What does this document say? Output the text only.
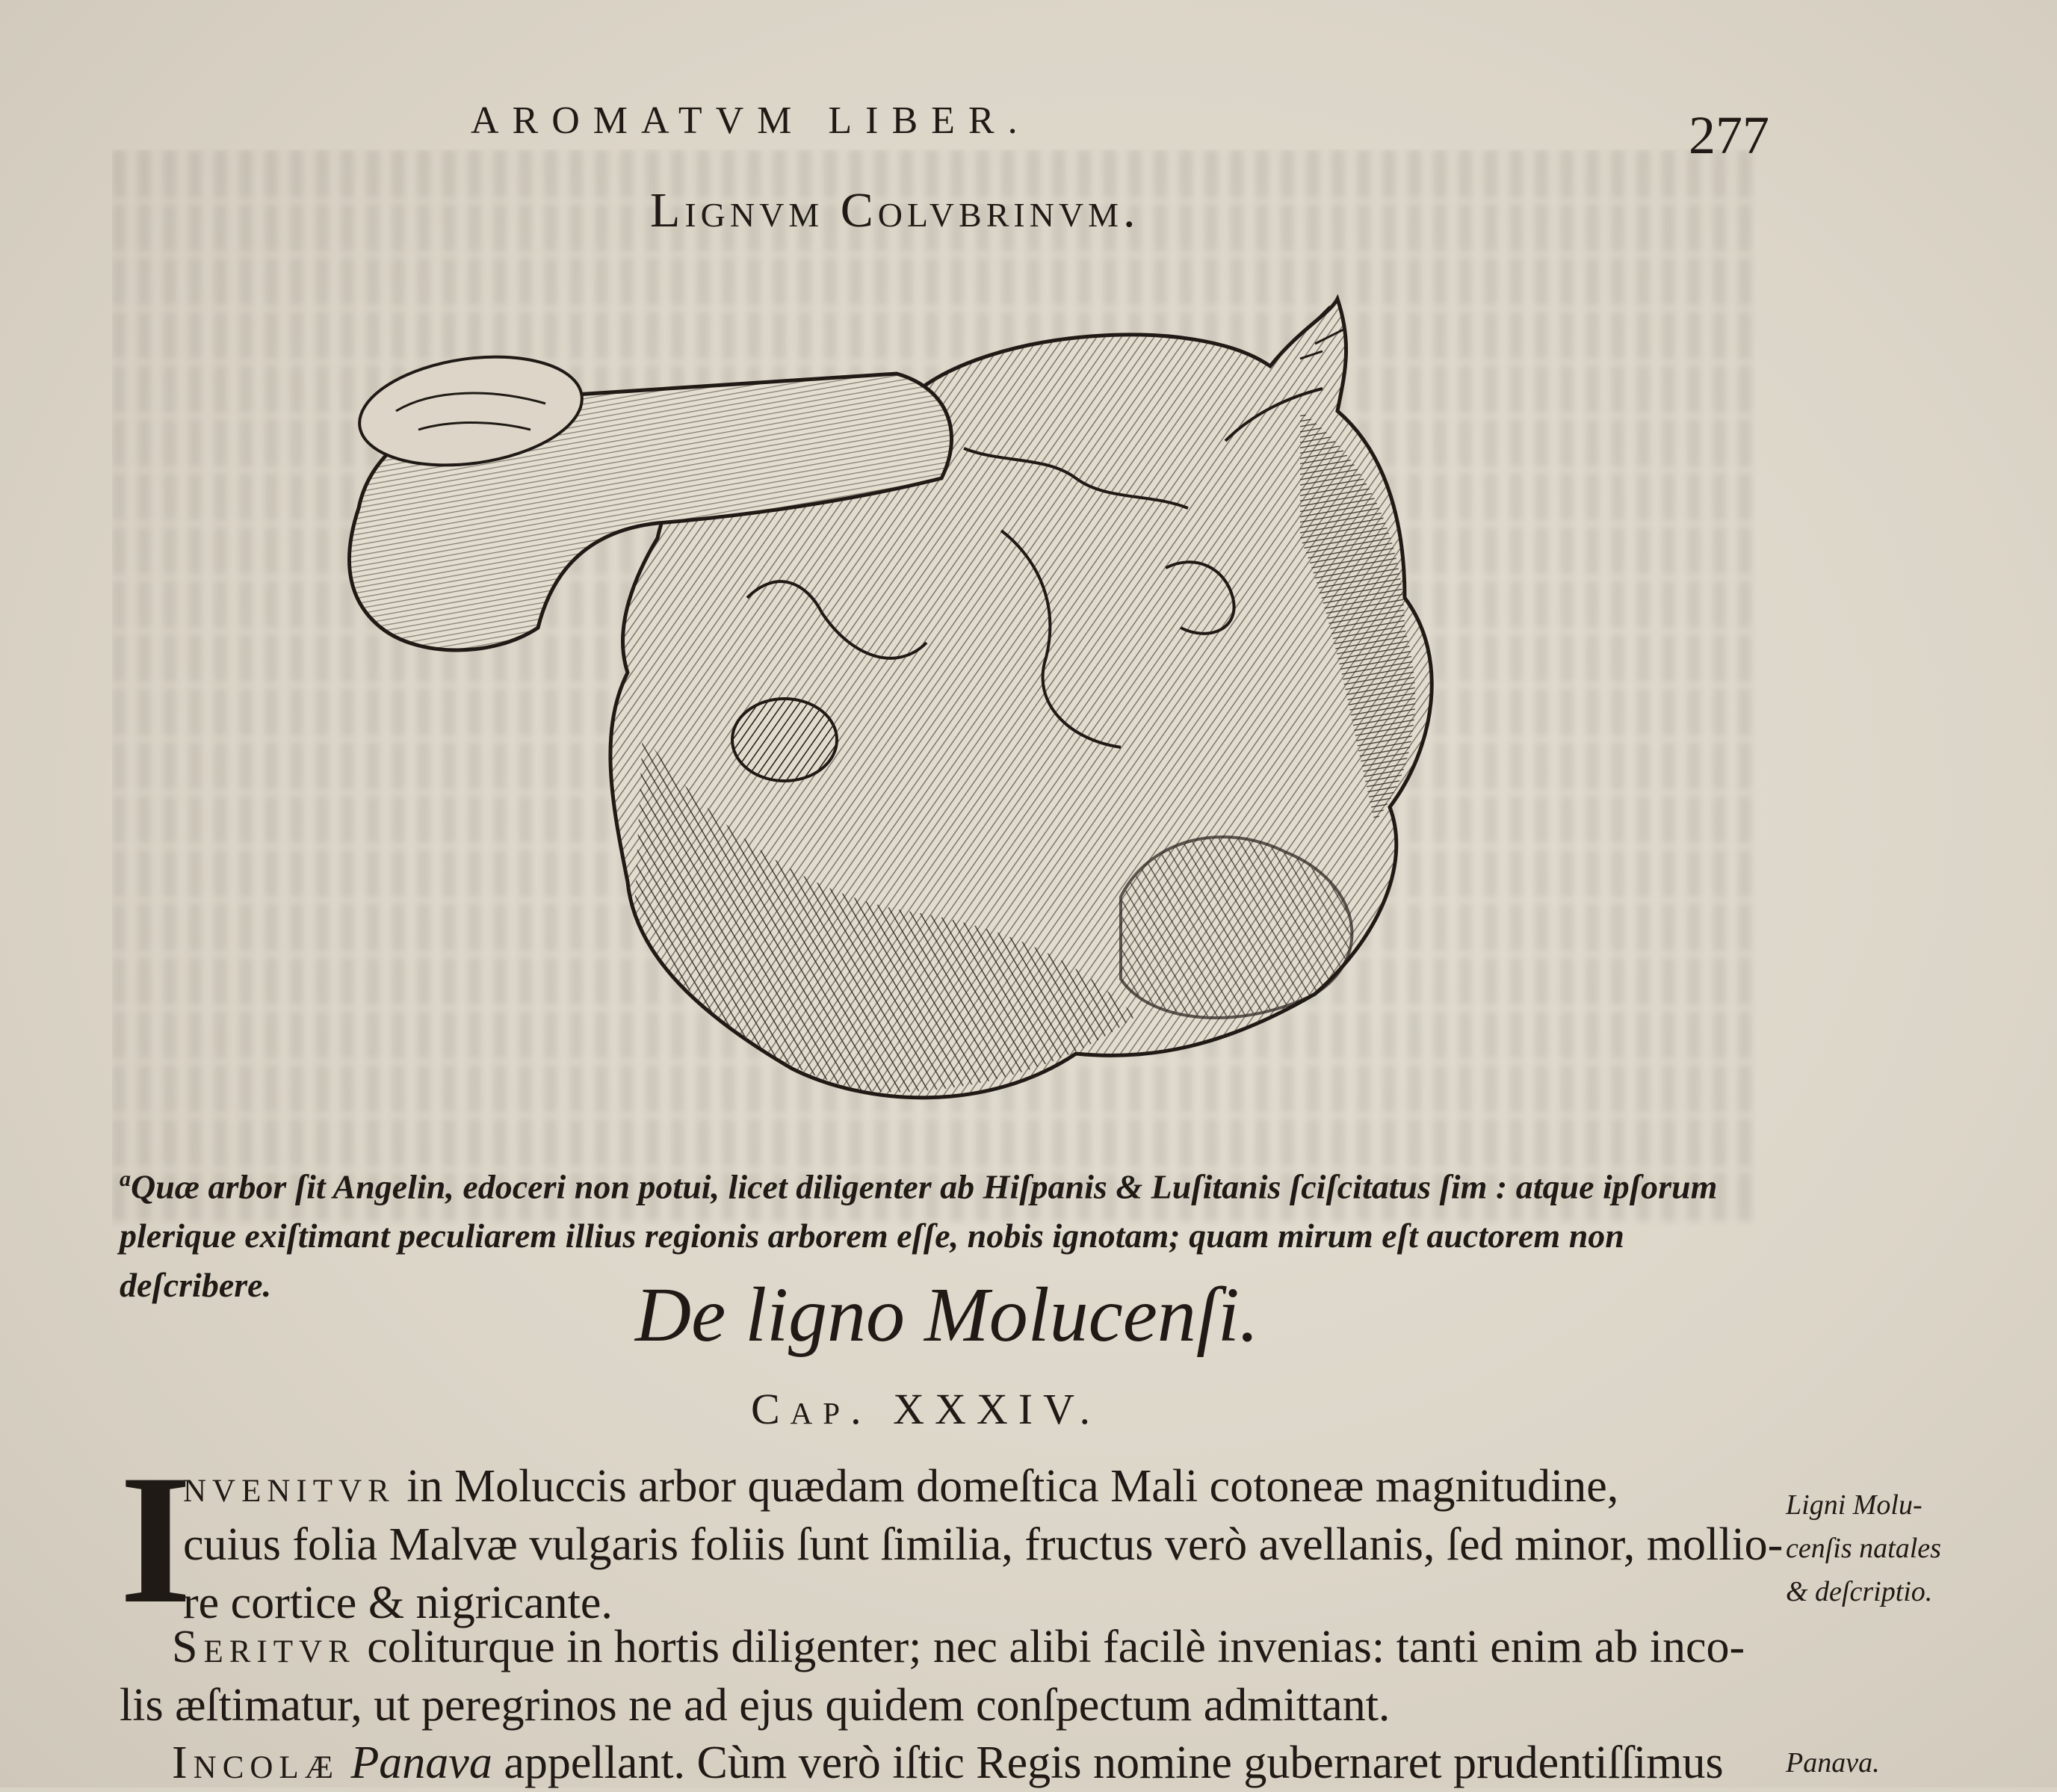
AROMATVM LIBER.	277
Lignvm Colvbrinvm.
$^a$Quæ arbor ſit Angelin, edoceri non potui, licet diligenter ab Hiſpanis & Luſitanis ſciſcitatus ſim : atque ipſorum
plerique exiſtimant peculiarem illius regionis arborem eſſe, nobis ignotam; quam mirum eſt auctorem non deſcribere.	De ligno Molucenſi.
Cap. XXXIV.
I
nvenitvr in Moluccis arbor quædam domeſtica Mali cotoneæ magnitudine,
cuius folia Malvæ vulgaris foliis ſunt ſimilia, fructus verò avellanis, ſed minor, mollio-
re cortice & nigricante.
Seritvr coliturque in hortis diligenter; nec alibi facilè invenias: tanti enim ab inco-
lis æſtimatur, ut peregrinos ne ad ejus quidem conſpectum admittant.
Incolæ Panava appellant. Cùm verò iſtic Regis nomine gubernaret prudentiſſimus
Ligni Molu-
cenſis natales
& deſcriptio.
Panava.
